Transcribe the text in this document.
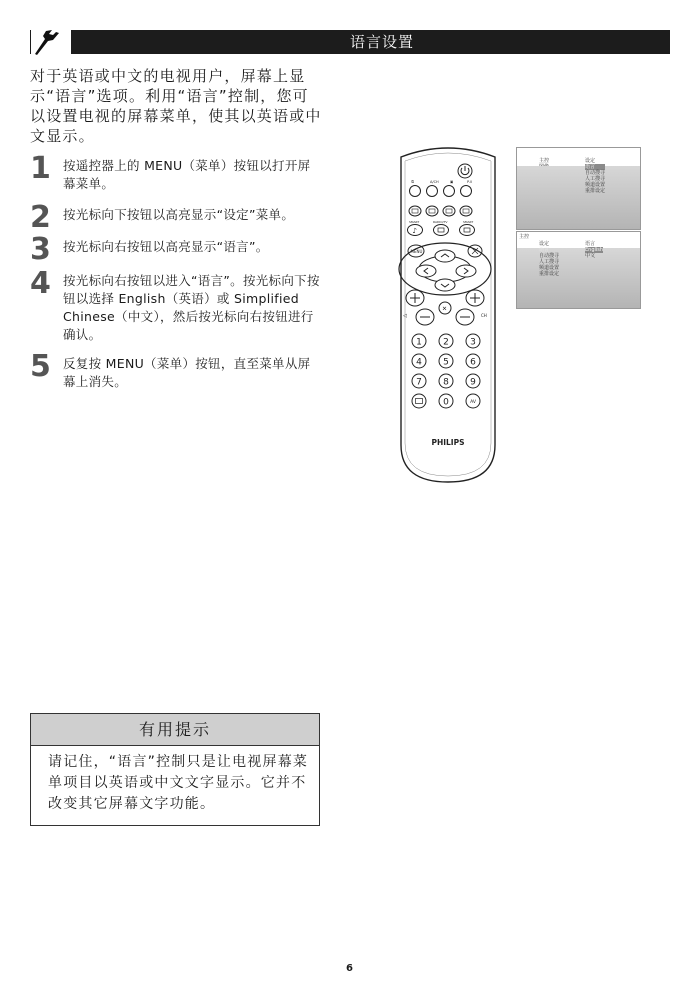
语言设置

对于英语或中文的电视用户，屏幕上显示“语言”选项。利用“语言”控制，您可以设置电视的屏幕菜单，使其以英语或中文显示。

1 按遥控器上的 MENU（菜单）按钮以打开屏幕菜单。
2 按光标向下按钮以高亮显示“设定”菜单。
3 按光标向右按钮以高亮显示“语言”。
4 按光标向右按钮以进入“语言”。按光标向下按钮以选择 English（英语）或 Simplified Chinese（中文），然后按光标向右按钮进行确认。
5 反复按 MENU（菜单）按钮，直至菜单从屏幕上消失。
⏲	A/CH	▣	P.II
SMART	RADIO/TV	SMART
♪
MENU
✕
◁	CH
1 2 3
4 5 6
7 8 9
0	AV
PHILIPS
主控	设定
语言
自动搜寻
人工搜寻
频道设置
重排设定
主控
设定
语言
自动搜寻
人工搜寻
频道设置
重排设定
语言
English
中文
有用提示
请记住，“语言”控制只是让电视屏幕菜单项目以英语或中文文字显示。它并不改变其它屏幕文字功能。
6
